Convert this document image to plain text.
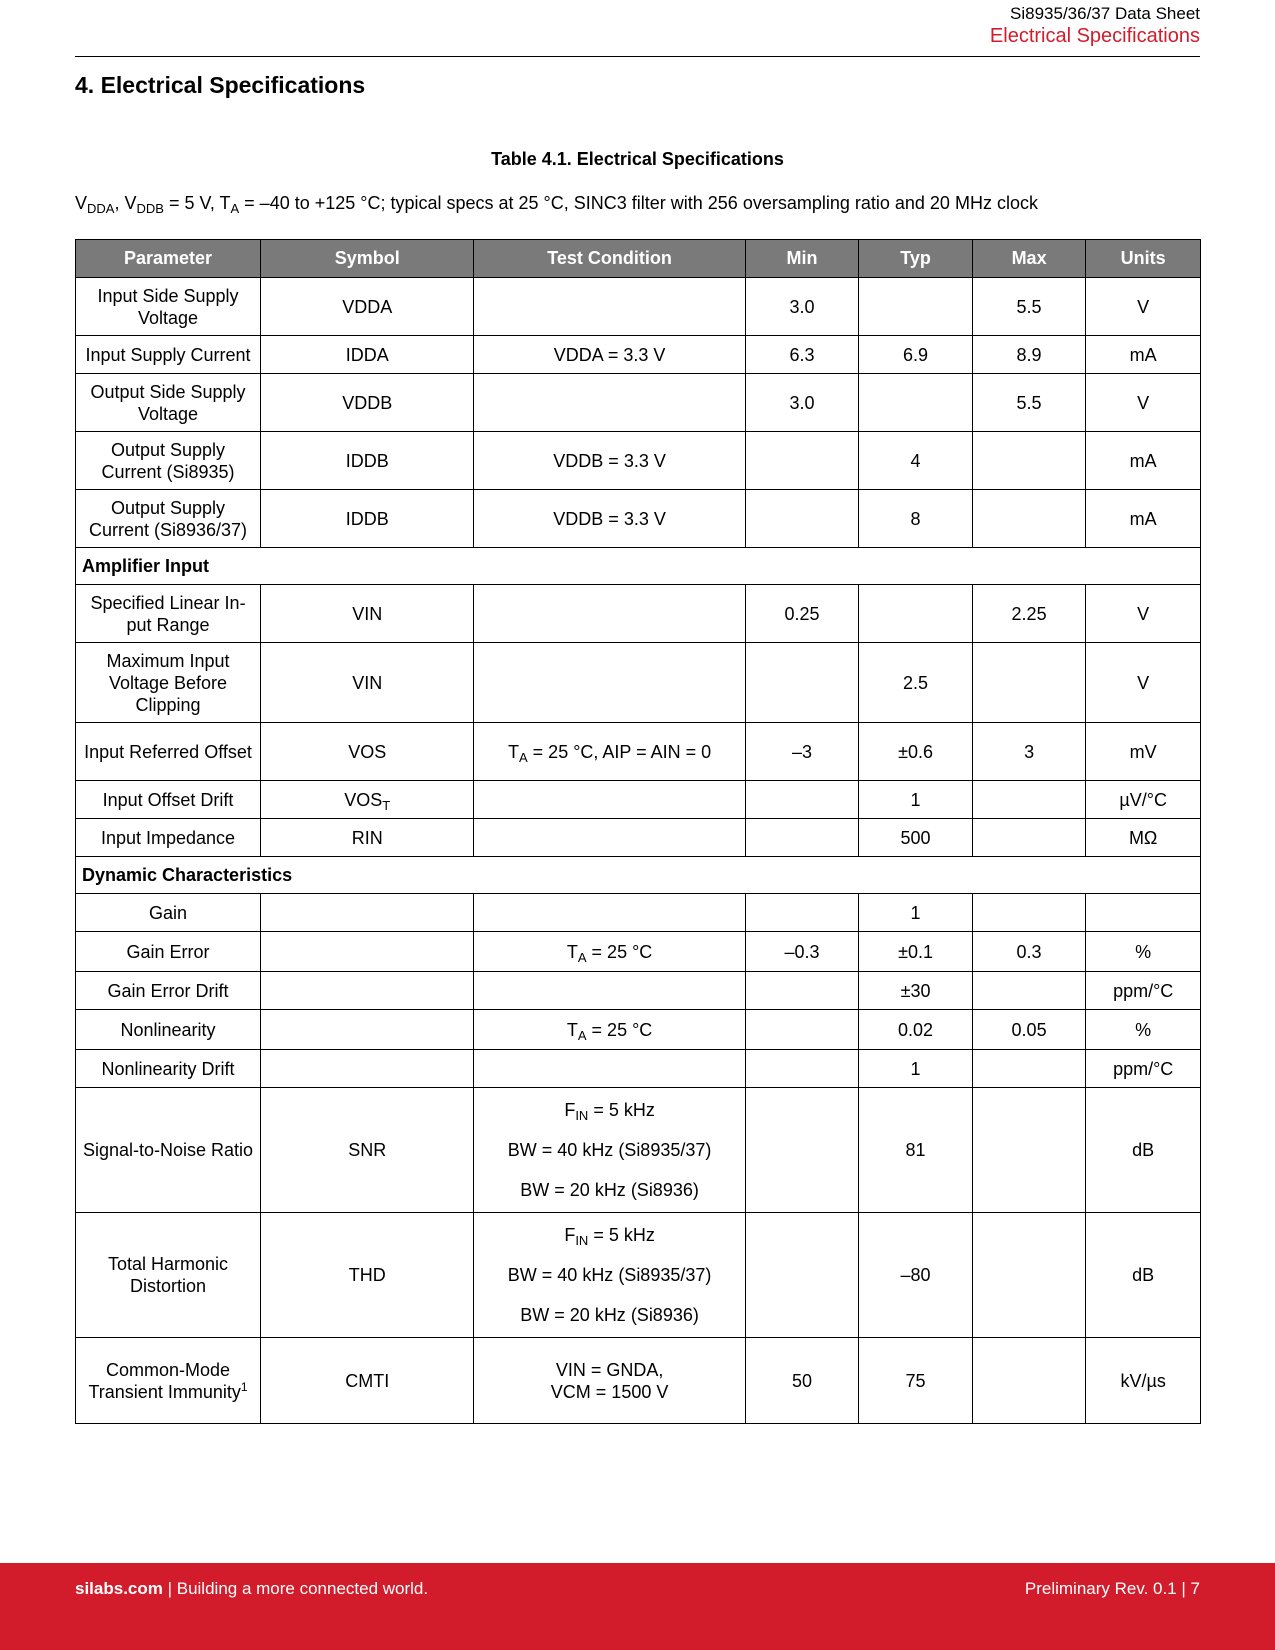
Si8935/36/37 Data Sheet
Electrical Specifications
4. Electrical Specifications
Table 4.1. Electrical Specifications
$V_{DDA}$, $V_{DDB} = 5$ V, $T_A = -40$ to +125 °C; typical specs at 25 °C, SINC3 filter with 256 oversampling ratio and 20 MHz clock
Parameter	Symbol	Test Condition	Min	Typ	Max	Units
Input Side Supply Voltage	VDDA		3.0		5.5	V
Input Supply Current	IDDA	VDDA = 3.3 V	6.3	6.9	8.9	mA
Output Side Supply Voltage	VDDB		3.0		5.5	V
Output Supply Current (Si8935)	IDDB	VDDB = 3.3 V		4		mA
Output Supply Current (Si8936/37)	IDDB	VDDB = 3.3 V		8		mA
Amplifier Input						
Specified Linear In-put Range	VIN		0.25		2.25	V
Maximum Input Voltage Before Clipping	VIN			2.5		V
Input Referred Offset	VOS	$T_A = 25$ °C, AIP = AIN = 0	–3	±0.6	3	mV
Input Offset Drift	$VOS_T$			1		µV/°C
Input Impedance	RIN			500		MΩ
Dynamic Characteristics						
Gain				1		
Gain Error		$T_A = 25$ °C	–0.3	±0.1	0.3	%
Gain Error Drift				±30		ppm/°C
Nonlinearity		$T_A = 25$ °C		0.02	0.05	%
Nonlinearity Drift				1		ppm/°C
Signal-to-Noise Ratio	SNR	$F_{IN} = 5$ kHz
BW = 40 kHz (Si8935/37)
BW = 20 kHz (Si8936)		81		dB
Total Harmonic Distortion	THD	$F_{IN} = 5$ kHz
BW = 40 kHz (Si8935/37)
BW = 20 kHz (Si8936)		–80		dB
Common-Mode Transient Immunity$^1$	CMTI	VIN = GNDA,
VCM = 1500 V	50	75		kV/µs
silabs.com | Building a more connected world.	Preliminary Rev. 0.1 | 7
